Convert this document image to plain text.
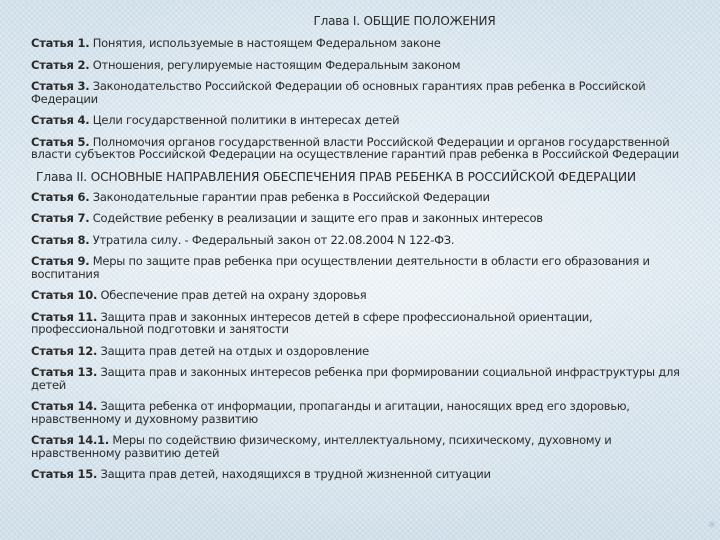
Глава I. ОБЩИЕ ПОЛОЖЕНИЯ

Статья 1. Понятия, используемые в настоящем Федеральном законе

Статья 2. Отношения, регулируемые настоящим Федеральным законом

Статья 3. Законодательство Российской Федерации об основных гарантиях прав ребенка в Российской Федерации

Статья 4. Цели государственной политики в интересах детей

Статья 5. Полномочия органов государственной власти Российской Федерации и органов государственной власти субъектов Российской Федерации на осуществление гарантий прав ребенка в Российской Федерации

Глава II. ОСНОВНЫЕ НАПРАВЛЕНИЯ ОБЕСПЕЧЕНИЯ ПРАВ РЕБЕНКА В РОССИЙСКОЙ ФЕДЕРАЦИИ

Статья 6. Законодательные гарантии прав ребенка в Российской Федерации

Статья 7. Содействие ребенку в реализации и защите его прав и законных интересов

Статья 8. Утратила силу. - Федеральный закон от 22.08.2004 N 122-ФЗ.

Статья 9. Меры по защите прав ребенка при осуществлении деятельности в области его образования и воспитания

Статья 10. Обеспечение прав детей на охрану здоровья

Статья 11. Защита прав и законных интересов детей в сфере профессиональной ориентации, профессиональной подготовки и занятости

Статья 12. Защита прав детей на отдых и оздоровление

Статья 13. Защита прав и законных интересов ребенка при формировании социальной инфраструктуры для детей

Статья 14. Защита ребенка от информации, пропаганды и агитации, наносящих вред его здоровью, нравственному и духовному развитию

Статья 14.1. Меры по содействию физическому, интеллектуальному, психическому, духовному и нравственному развитию детей

Статья 15. Защита прав детей, находящихся в трудной жизненной ситуации

*
